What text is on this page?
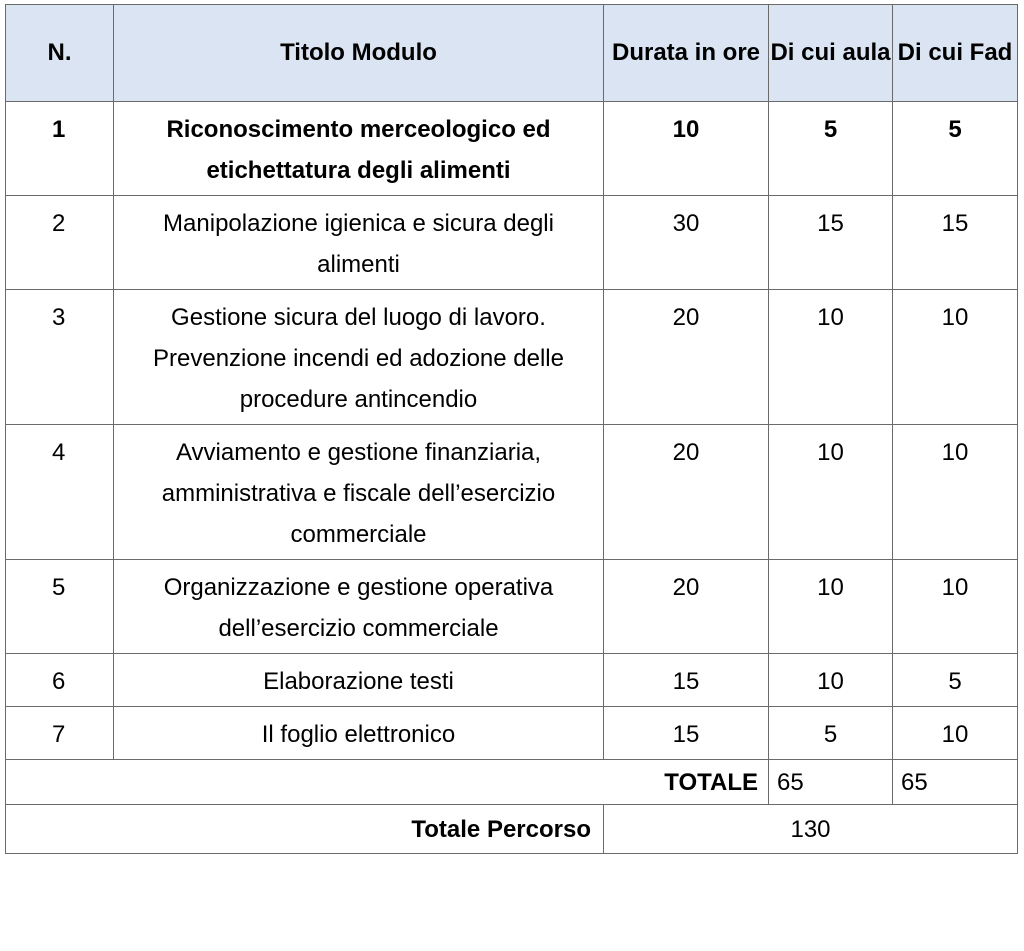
N.	Titolo Modulo	Durata in ore	Di cui aula	Di cui Fad
1	Riconoscimento merceologico ed etichettatura degli alimenti	10	5	5
2	Manipolazione igienica e sicura degli alimenti	30	15	15
3	Gestione sicura del luogo di lavoro. Prevenzione incendi ed adozione delle procedure antincendio	20	10	10
4	Avviamento e gestione finanziaria, amministrativa e fiscale dell’esercizio commerciale	20	10	10
5	Organizzazione e gestione operativa dell’esercizio commerciale	20	10	10
6	Elaborazione testi	15	10	5
7	Il foglio elettronico	15	5	10
TOTALE			65	65
Totale Percorso		130		
